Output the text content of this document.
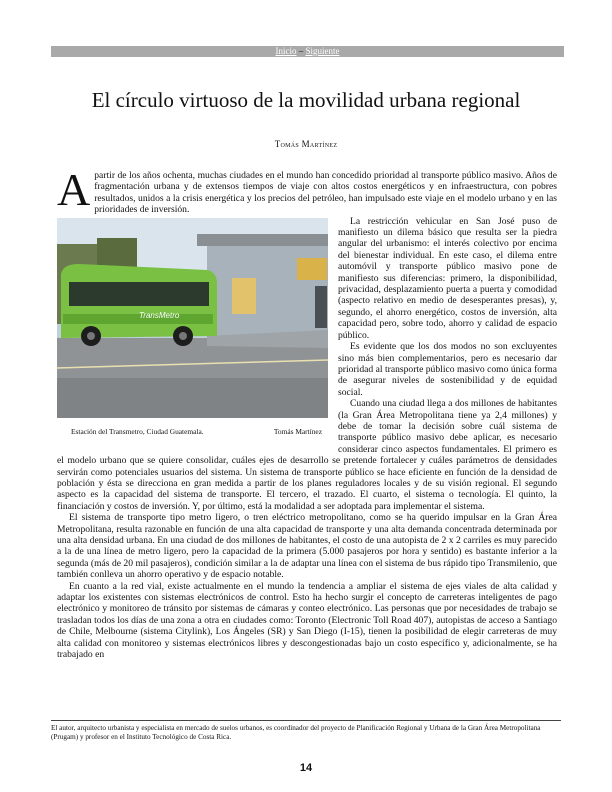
Inicio – Siguiente
El círculo virtuoso de la movilidad urbana regional
Tomás Martínez

Apartir de los años ochenta, muchas ciudades en el mundo han concedido prioridad al transporte público masivo. Años de fragmentación urbana y de extensos tiempos de viaje con altos costos energéticos y en infraestructura, con pobres resultados, unidos a la crisis energética y los precios del petróleo, han impulsado este viaje en el modelo urbano y en las prioridades de inversión.

TransMetro
Estación del Transmetro, Ciudad Guatemala.	Tomás Martínez
La restricción vehicular en San José puso de manifiesto un dilema básico que resulta ser la piedra angular del urbanismo: el interés colectivo por encima del bienestar individual. En este caso, el dilema entre automóvil y transporte público masivo pone de manifiesto sus diferencias: primero, la disponibilidad, privacidad, desplazamiento puerta a puerta y comodidad (aspecto relativo en medio de desesperantes presas), y, segundo, el ahorro energético, costos de inversión, alta capacidad pero, sobre todo, ahorro y calidad de espacio público.

Es evidente que los dos modos no son excluyentes sino más bien complementarios, pero es necesario dar prioridad al transporte público masivo como única forma de asegurar niveles de sostenibilidad y de equidad social.

Cuando una ciudad llega a dos millones de habitantes (la Gran Área Metropolitana tiene ya 2,4 millones) y debe de tomar la decisión sobre cuál sistema de transporte público masivo debe aplicar, es necesario considerar cinco aspectos fundamentales. El primero es el modelo urbano que se quiere consolidar, cuáles ejes de desarrollo se pretende fortalecer y cuáles parámetros de densidades servirán como potenciales usuarios del sistema. Un sistema de transporte público se hace eficiente en función de la densidad de población y ésta se direcciona en gran medida a partir de los planes reguladores locales y de su visión regional. El segundo aspecto es la capacidad del sistema de transporte. El tercero, el trazado. El cuarto, el sistema o tecnología. El quinto, la financiación y costos de inversión. Y, por último, está la modalidad a ser adoptada para implementar el sistema.

El sistema de transporte tipo metro ligero, o tren eléctrico metropolitano, como se ha querido impulsar en la Gran Área Metropolitana, resulta razonable en función de una alta capacidad de transporte y una alta demanda concentrada determinada por una alta densidad urbana. En una ciudad de dos millones de habitantes, el costo de una autopista de 2 x 2 carriles es muy parecido a la de una línea de metro ligero, pero la capacidad de la primera (5.000 pasajeros por hora y sentido) es bastante inferior a la segunda (más de 20 mil pasajeros), condición similar a la de adaptar una línea con el sistema de bus rápido tipo Transmilenio, que también conlleva un ahorro operativo y de espacio notable.

En cuanto a la red vial, existe actualmente en el mundo la tendencia a ampliar el sistema de ejes viales de alta calidad y adaptar los existentes con sistemas electrónicos de control. Esto ha hecho surgir el concepto de carreteras inteligentes de pago electrónico y monitoreo de tránsito por sistemas de cámaras y conteo electrónico. Las personas que por necesidades de trabajo se trasladan todos los días de una zona a otra en ciudades como: Toronto (Electronic Toll Road 407), autopistas de acceso a Santiago de Chile, Melbourne (sistema Citylink), Los Ángeles (SR) y San Diego (I-15), tienen la posibilidad de elegir carreteras de muy alta calidad con monitoreo y sistemas electrónicos libres y descongestionadas bajo un costo específico y, adicionalmente, se ha trabajado en

El autor, arquitecto urbanista y especialista en mercado de suelos urbanos, es coordinador del proyecto de Planificación Regional y Urbana de la Gran Área Metropolitana (Prugam) y profesor en el Instituto Tecnológico de Costa Rica.
14
